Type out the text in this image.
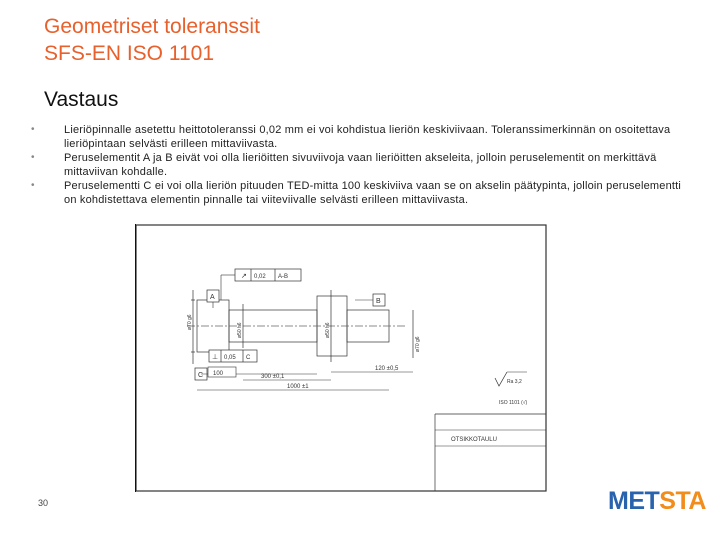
Geometriset toleranssit
SFS-EN ISO 1101
Vastaus
•	Lieriöpinnalle asetettu heittotoleranssi 0,02 mm ei voi kohdistua lieriön keskiviivaan. Toleranssimerkinnän on osoitettava lieriöpintaan selvästi erilleen mittaviivasta.
•	Peruselementit A ja B eivät voi olla lieriöitten sivuviivoja vaan lieriöitten akseleita, jolloin peruselementit on merkittävä mittaviivan kohdalle.
•	Peruselementti C ei voi olla lieriön pituuden TED-mitta 100 keskiviiva vaan se on akselin päätypinta, jolloin peruselementti on kohdistettava elementin pinnalle tai viiteviivalle selvästi erilleen mittaviivasta.
↗ 0,02 A-B
A
B
⊥ 0,05 C
C 100	300 ±0,1
1000 ±1
120 ±0,5
ø70 g6
ø50 h6	ø50 h6
ø70 g6
Ra 3,2
ISO 1101 (√)
OTSIKKOTAULU
30	METSTA
